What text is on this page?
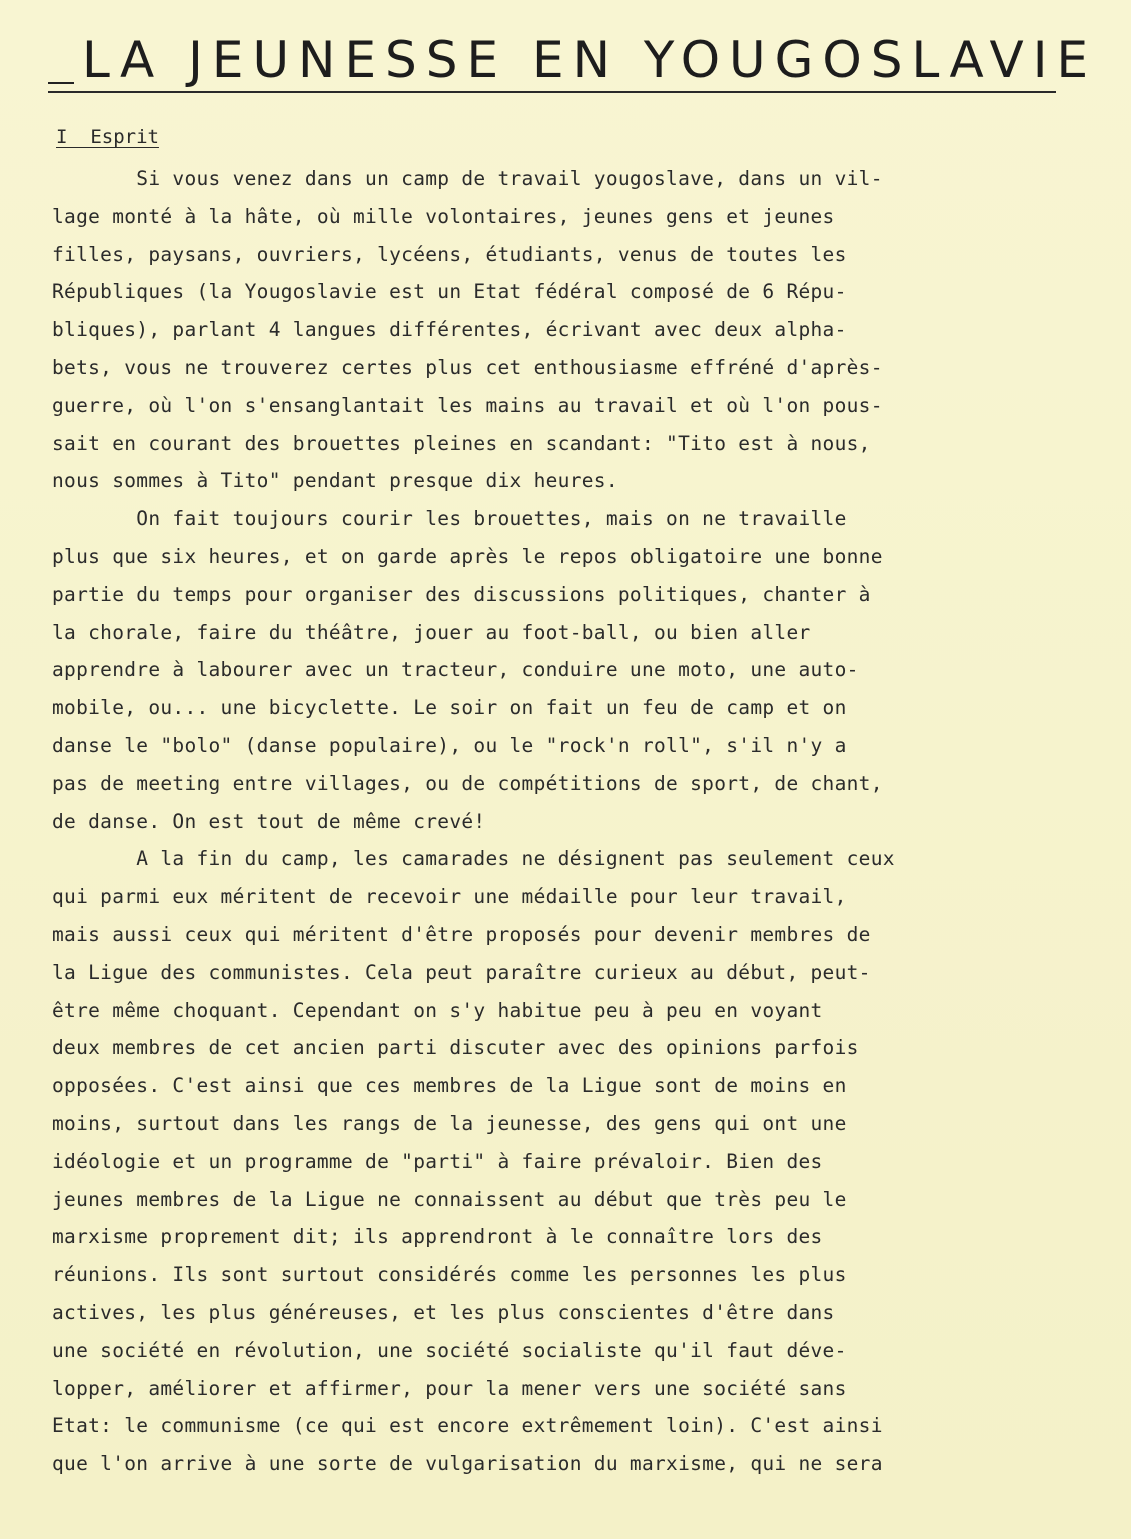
LA JEUNESSE EN YOUGOSLAVIE
I  Esprit
Si vous venez dans un camp de travail yougoslave, dans un vil-
lage monté à la hâte, où mille volontaires, jeunes gens et jeunes
filles, paysans, ouvriers, lycéens, étudiants, venus de toutes les
Républiques (la Yougoslavie est un Etat fédéral composé de 6 Répu-
bliques), parlant 4 langues différentes, écrivant avec deux alpha-
bets, vous ne trouverez certes plus cet enthousiasme effréné d'après-
guerre, où l'on s'ensanglantait les mains au travail et où l'on pous-
sait en courant des brouettes pleines en scandant: "Tito est à nous,
nous sommes à Tito" pendant presque dix heures.
On fait toujours courir les brouettes, mais on ne travaille
plus que six heures, et on garde après le repos obligatoire une bonne
partie du temps pour organiser des discussions politiques, chanter à
la chorale, faire du théâtre, jouer au foot-ball, ou bien aller
apprendre à labourer avec un tracteur, conduire une moto, une auto-
mobile, ou... une bicyclette. Le soir on fait un feu de camp et on
danse le "bolo" (danse populaire), ou le "rock'n roll", s'il n'y a
pas de meeting entre villages, ou de compétitions de sport, de chant,
de danse. On est tout de même crevé!
A la fin du camp, les camarades ne désignent pas seulement ceux
qui parmi eux méritent de recevoir une médaille pour leur travail,
mais aussi ceux qui méritent d'être proposés pour devenir membres de
la Ligue des communistes. Cela peut paraître curieux au début, peut-
être même choquant. Cependant on s'y habitue peu à peu en voyant
deux membres de cet ancien parti discuter avec des opinions parfois
opposées. C'est ainsi que ces membres de la Ligue sont de moins en
moins, surtout dans les rangs de la jeunesse, des gens qui ont une
idéologie et un programme de "parti" à faire prévaloir. Bien des
jeunes membres de la Ligue ne connaissent au début que très peu le
marxisme proprement dit; ils apprendront à le connaître lors des
réunions. Ils sont surtout considérés comme les personnes les plus
actives, les plus généreuses, et les plus conscientes d'être dans
une société en révolution, une société socialiste qu'il faut déve-
lopper, améliorer et affirmer, pour la mener vers une société sans
Etat: le communisme (ce qui est encore extrêmement loin). C'est ainsi
que l'on arrive à une sorte de vulgarisation du marxisme, qui ne sera
